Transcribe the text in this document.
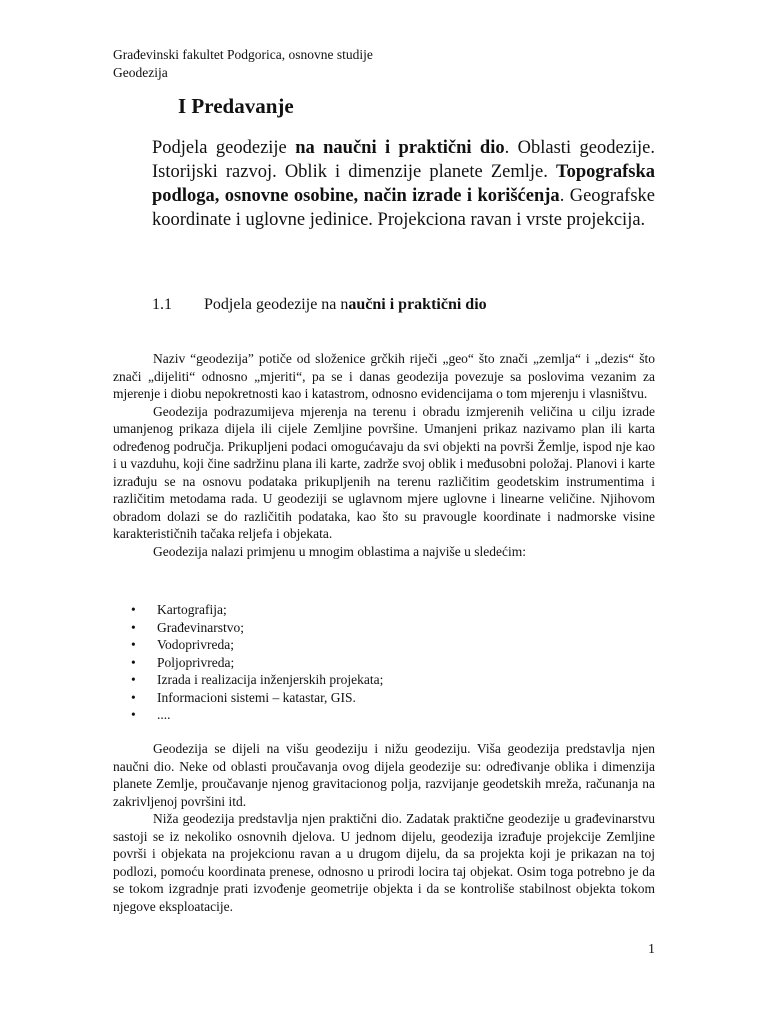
Građevinski fakultet Podgorica, osnovne studije
Geodezija
I Predavanje

Podjela geodezije na naučni i praktični dio. Oblasti geodezije. Istorijski razvoj. Oblik i dimenzije planete Zemlje. Topografska podloga, osnovne osobine, način izrade i korišćenja. Geografske koordinate i uglovne jedinice. Projekciona ravan i vrste projekcija.

1.1	Podjela geodezije na naučni i praktični dio

Naziv “geodezija” potiče od složenice grčkih riječi „geo“ što znači „zemlja“ i „dezis“ što znači „dijeliti“ odnosno „mjeriti“, pa se i danas geodezija povezuje sa poslovima vezanim za mjerenje i diobu nepokretnosti kao i katastrom, odnosno evidencijama o tom mjerenju i vlasništvu.

Geodezija podrazumijeva mjerenja na terenu i obradu izmjerenih veličina u cilju izrade umanjenog prikaza dijela ili cijele Zemljine površine. Umanjeni prikaz nazivamo plan ili karta određenog područja. Prikupljeni podaci omogućavaju da svi objekti na površi Žemlje, ispod nje kao i u vazduhu, koji čine sadržinu plana ili karte, zadrže svoj oblik i međusobni položaj. Planovi i karte izrađuju se na osnovu podataka prikupljenih na terenu različitim geodetskim instrumentima i različitim metodama rada. U geodeziji se uglavnom mjere uglovne i linearne veličine. Njihovom obradom dolazi se do različitih podataka, kao što su pravougle koordinate i nadmorske visine karakterističnih tačaka reljefa i objekata.

Geodezija nalazi primjenu u mnogim oblastima a najviše u sledećim:

•	Kartografija;
•	Građevinarstvo;
•	Vodoprivreda;
•	Poljoprivreda;
•	Izrada i realizacija inženjerskih projekata;
•	Informacioni sistemi – katastar, GIS.
•	....

Geodezija se dijeli na višu geodeziju i nižu geodeziju. Viša geodezija predstavlja njen naučni dio. Neke od oblasti proučavanja ovog dijela geodezije su: određivanje oblika i dimenzija planete Zemlje, proučavanje njenog gravitacionog polja, razvijanje geodetskih mreža, računanja na zakrivljenoj površini itd.

Niža geodezija predstavlja njen praktični dio. Zadatak praktične geodezije u građevinarstvu sastoji se iz nekoliko osnovnih djelova. U jednom dijelu, geodezija izrađuje projekcije Zemljine površi i objekata na projekcionu ravan a u drugom dijelu, da sa projekta koji je prikazan na toj podlozi, pomoću koordinata prenese, odnosno u prirodi locira taj objekat. Osim toga potrebno je da se tokom izgradnje prati izvođenje geometrije objekta i da se kontroliše stabilnost objekta tokom njegove eksploatacije.

1
